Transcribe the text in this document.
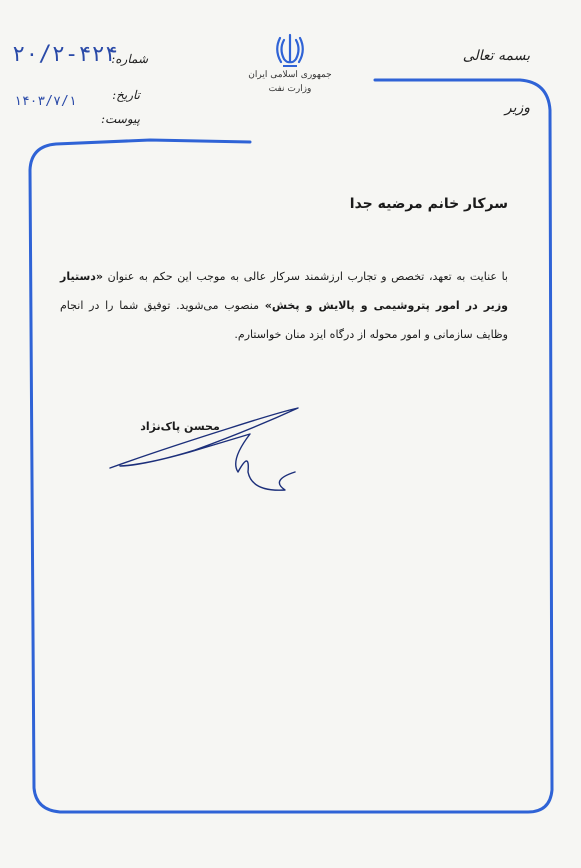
بسمه تعالی
وزیر
جمهوری اسلامی ایران
وزارت نفت
شماره:
تاریخ:
پیوست:
۲۰/۲-۴۲۴
۱۴۰۳/۷/۱
سرکار خانم مرضیه جدا
با عنایت به تعهد، تخصص و تجارب ارزشمند سرکار عالی به موجب این حکم به عنوان «دستیار وزیر در امور پتروشیمی و پالایش و پخش» منصوب می‌شوید. توفیق شما را در انجام وظایف سازمانی و امور محوله از درگاه ایزد منان خواستارم.
محسن پاک‌نژاد
